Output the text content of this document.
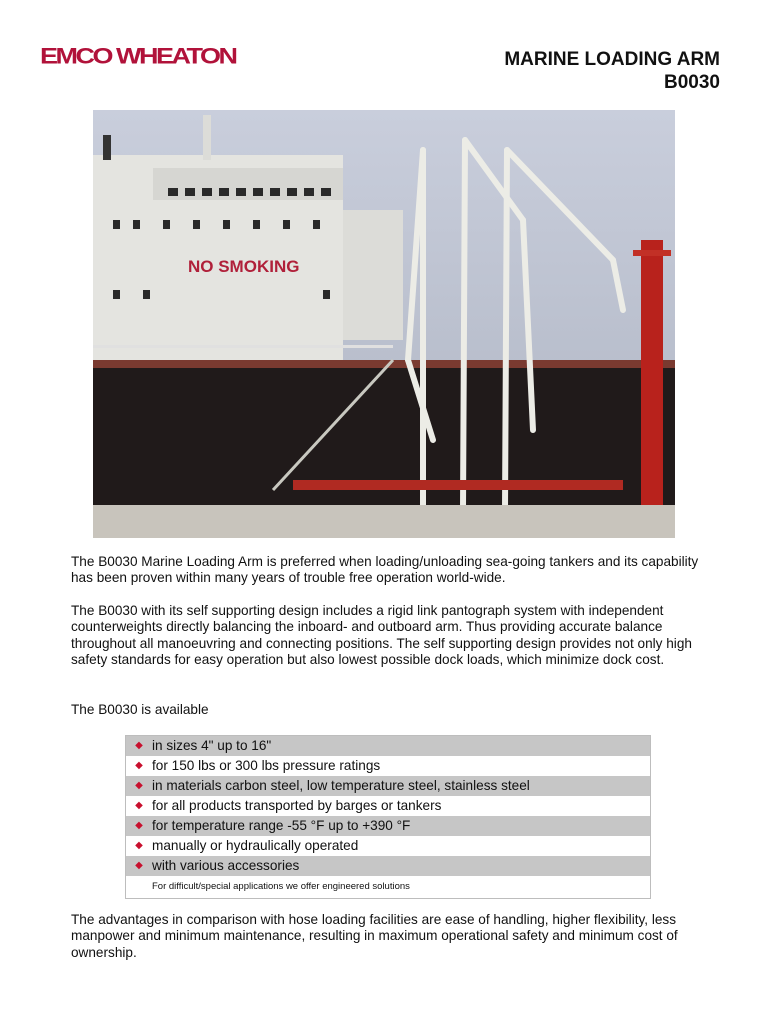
EMCO WHEATON	MARINE LOADING ARM
B0030
NO SMOKING

The B0030 Marine Loading Arm is preferred when loading/unloading sea-going tankers and its capability has been proven within many years of trouble free operation world-wide.

The B0030 with its self supporting design includes a rigid link pantograph system with independent counterweights directly balancing the inboard- and outboard arm. Thus providing accurate balance throughout all manoeuvring and connecting positions. The self supporting design provides not only high safety standards for easy operation but also lowest possible dock loads, which minimize dock cost.

The B0030 is available

◆ in sizes 4" up to 16"
◆ for 150 lbs or 300 lbs pressure ratings
◆ in materials carbon steel, low temperature steel, stainless steel
◆ for all products transported by barges or tankers
◆ for temperature range -55 °F up to +390 °F
◆ manually or hydraulically operated
◆ with various accessories
For difficult/special applications we offer engineered solutions

The advantages in comparison with hose loading facilities are ease of handling, higher flexibility, less manpower and minimum maintenance, resulting in maximum operational safety and minimum cost of ownership.
